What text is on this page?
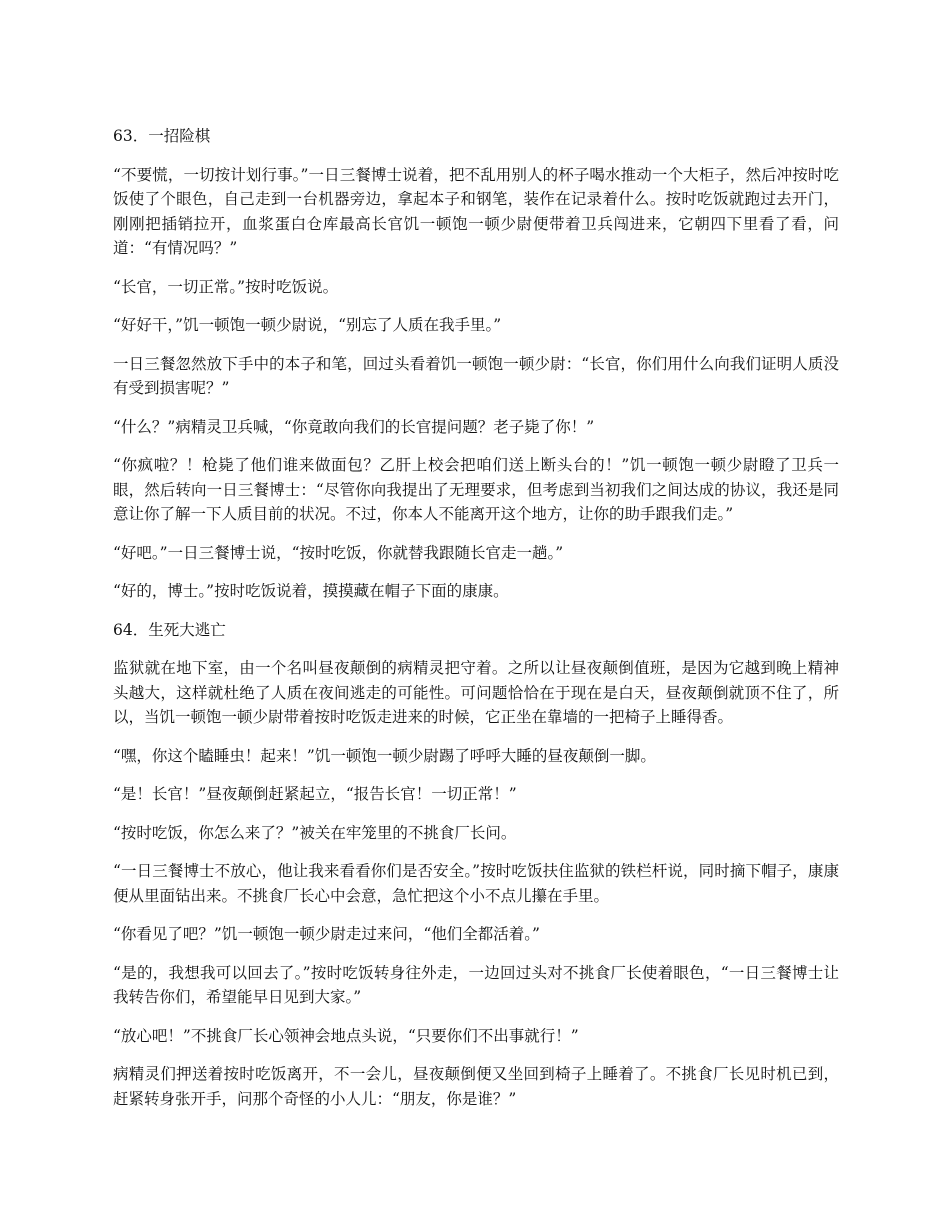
63．一招险棋

“不要慌，一切按计划行事。”一日三餐博士说着，把不乱用别人的杯子喝水推动一个大柜子，然后冲按时吃饭使了个眼色，自己走到一台机器旁边，拿起本子和钢笔，装作在记录着什么。按时吃饭就跑过去开门，刚刚把插销拉开，血浆蛋白仓库最高长官饥一顿饱一顿少尉便带着卫兵闯进来，它朝四下里看了看，问道：“有情况吗？”

“长官，一切正常。”按时吃饭说。

“好好干，”饥一顿饱一顿少尉说，“别忘了人质在我手里。”

一日三餐忽然放下手中的本子和笔，回过头看着饥一顿饱一顿少尉：“长官，你们用什么向我们证明人质没有受到损害呢？”

“什么？”病精灵卫兵喊，“你竟敢向我们的长官提问题？老子毙了你！”

“你疯啦？！枪毙了他们谁来做面包？乙肝上校会把咱们送上断头台的！”饥一顿饱一顿少尉瞪了卫兵一眼，然后转向一日三餐博士：“尽管你向我提出了无理要求，但考虑到当初我们之间达成的协议，我还是同意让你了解一下人质目前的状况。不过，你本人不能离开这个地方，让你的助手跟我们走。”

“好吧。”一日三餐博士说，“按时吃饭，你就替我跟随长官走一趟。”

“好的，博士。”按时吃饭说着，摸摸藏在帽子下面的康康。

64．生死大逃亡

监狱就在地下室，由一个名叫昼夜颠倒的病精灵把守着。之所以让昼夜颠倒值班，是因为它越到晚上精神头越大，这样就杜绝了人质在夜间逃走的可能性。可问题恰恰在于现在是白天，昼夜颠倒就顶不住了，所以，当饥一顿饱一顿少尉带着按时吃饭走进来的时候，它正坐在靠墙的一把椅子上睡得香。

“嘿，你这个瞌睡虫！起来！”饥一顿饱一顿少尉踢了呼呼大睡的昼夜颠倒一脚。

“是！长官！”昼夜颠倒赶紧起立，“报告长官！一切正常！”

“按时吃饭，你怎么来了？”被关在牢笼里的不挑食厂长问。

“一日三餐博士不放心，他让我来看看你们是否安全。”按时吃饭扶住监狱的铁栏杆说，同时摘下帽子，康康便从里面钻出来。不挑食厂长心中会意，急忙把这个小不点儿攥在手里。

“你看见了吧？”饥一顿饱一顿少尉走过来问，“他们全都活着。”

“是的，我想我可以回去了。”按时吃饭转身往外走，一边回过头对不挑食厂长使着眼色，“一日三餐博士让我转告你们，希望能早日见到大家。”

“放心吧！”不挑食厂长心领神会地点头说，“只要你们不出事就行！”

病精灵们押送着按时吃饭离开，不一会儿，昼夜颠倒便又坐回到椅子上睡着了。不挑食厂长见时机已到，赶紧转身张开手，问那个奇怪的小人儿：“朋友，你是谁？”
